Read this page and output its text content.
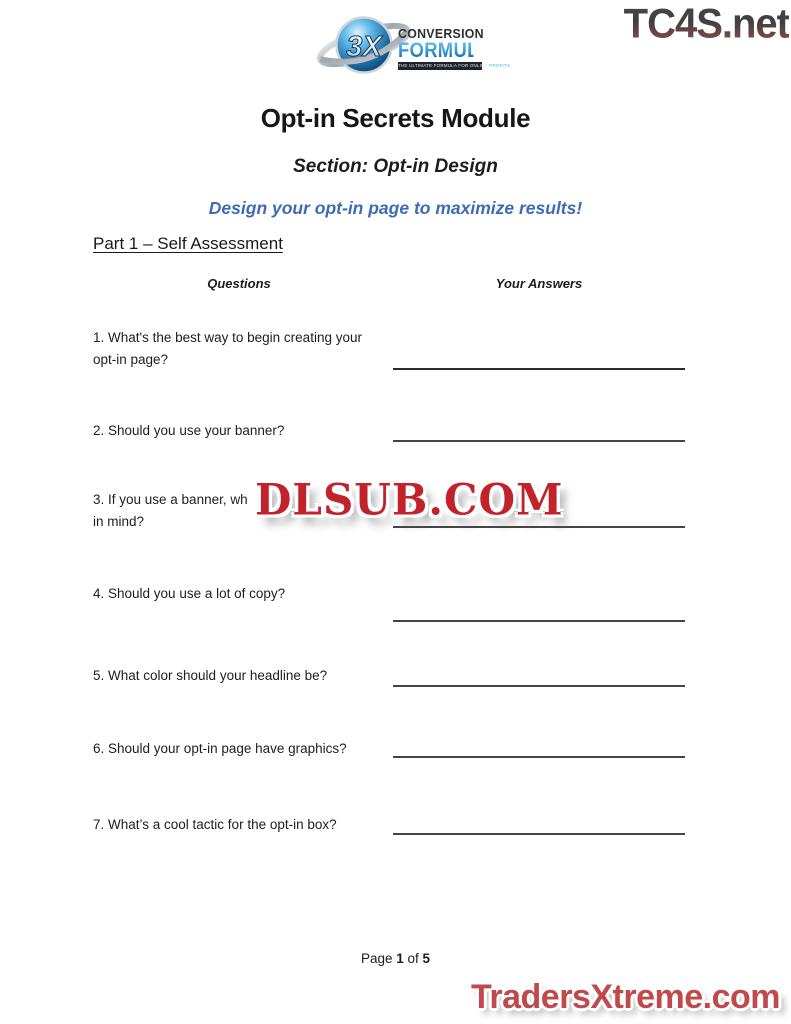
3X CONVERSION
FORMULA
THE ULTIMATE FORMULA FOR ONLINE PROFITS
TC4S.net
Opt-in Secrets Module
Section: Opt-in Design
Design your opt-in page to maximize results!
Part 1 – Self Assessment
Questions	Your Answers
1. What's the best way to begin creating your
opt-in page?
2. Should you use your banner?
3. If you use a banner, wh
in mind?
4. Should you use a lot of copy?
5. What color should your headline be?
6. Should your opt-in page have graphics?
7. What’s a cool tactic for the opt-in box?
DLSUB.COM
Page 1 of 5
TradersXtreme.com
